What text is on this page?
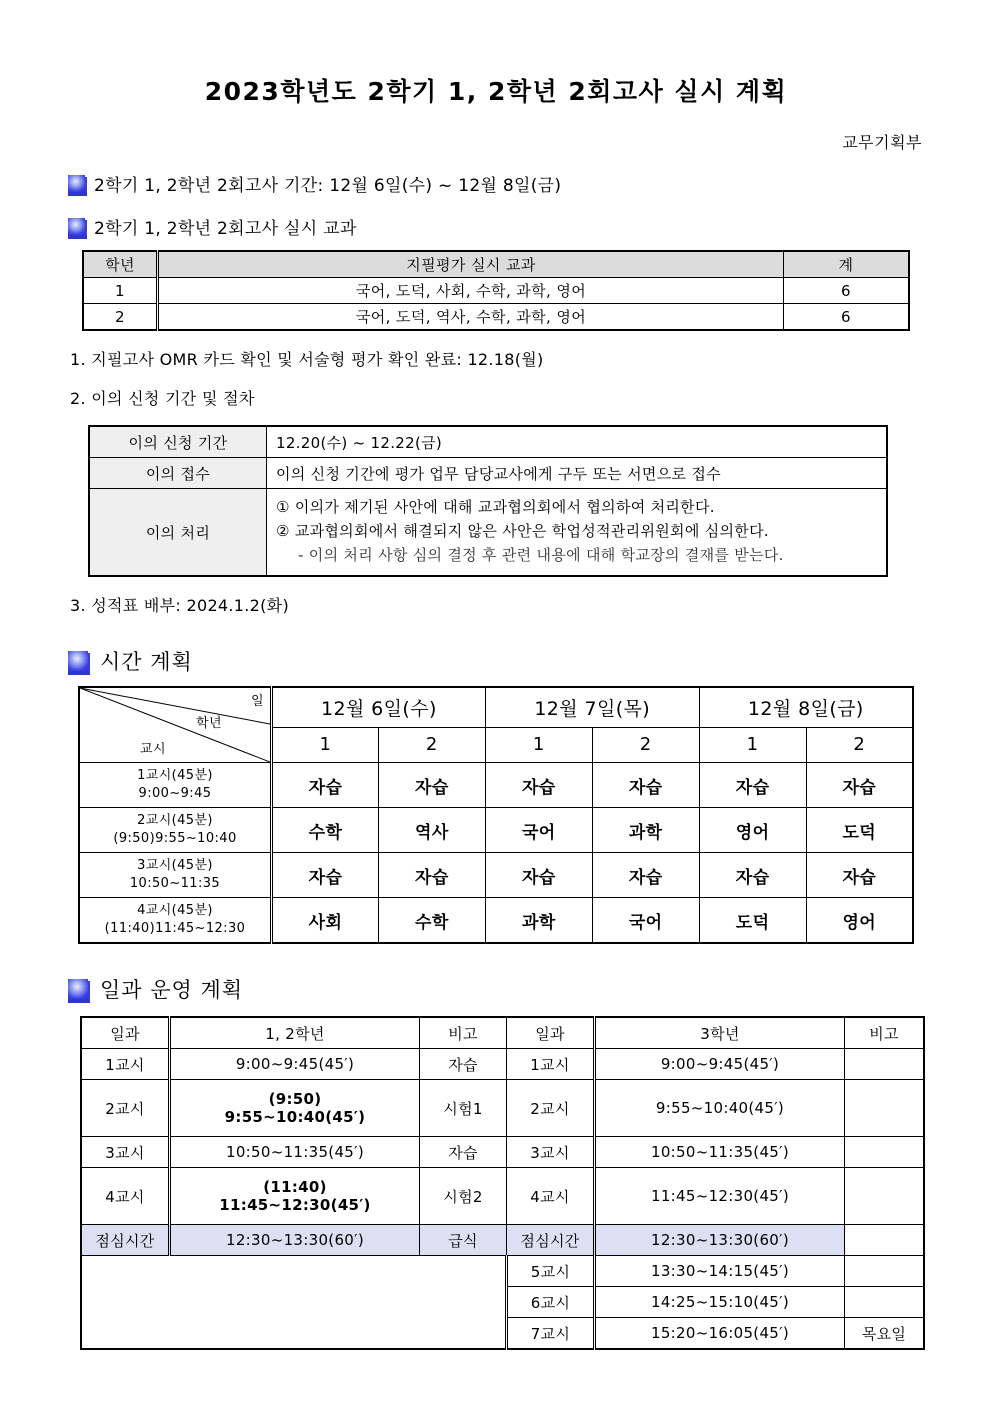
2023학년도 2학기 1, 2학년 2회고사 실시 계획
교무기획부
2학기 1, 2학년 2회고사 기간: 12월 6일(수) ~ 12월 8일(금)
2학기 1, 2학년 2회고사 실시 교과
학년	지필평가 실시 교과	계
1	국어, 도덕, 사회, 수학, 과학, 영어	6
2	국어, 도덕, 역사, 수학, 과학, 영어	6
1. 지필고사 OMR 카드 확인 및 서술형 평가 확인 완료: 12.18(월)
2. 이의 신청 기간 및 절차
이의 신청 기간	12.20(수) ~ 12.22(금)
이의 접수	이의 신청 기간에 평가 업무 담당교사에게 구두 또는 서면으로 접수
이의 처리	① 이의가 제기된 사안에 대해 교과협의회에서 협의하여 처리한다.
② 교과협의회에서 해결되지 않은 사안은 학업성적관리위원회에 심의한다.
- 이의 처리 사항 심의 결정 후 관련 내용에 대해 학교장의 결재를 받는다.
3. 성적표 배부: 2024.1.2(화)
시간 계획
일
학년
교시	12월 6일(수)		12월 7일(목)		12월 8일(금)	
	1	2	1	2	1	2

1교시(45분)
9:00~9:45	자습	자습	자습	자습	자습	자습

2교시(45분)
(9:50)9:55~10:40	수학	역사	국어	과학	영어	도덕

3교시(45분)
10:50~11:35	자습	자습	자습	자습	자습	자습

4교시(45분)
(11:40)11:45~12:30	사회	수학	과학	국어	도덕	영어
일과 운영 계획
일과	1, 2학년	비고	일과	3학년	비고
1교시	9:00~9:45(45′)	자습	1교시	9:00~9:45(45′)	
2교시	(9:50)
9:55~10:40(45′)	시험1	2교시	9:55~10:40(45′)	
3교시	10:50~11:35(45′)	자습	3교시	10:50~11:35(45′)	
4교시	(11:40)
11:45~12:30(45′)	시험2	4교시	11:45~12:30(45′)	
점심시간	12:30~13:30(60′)	급식	점심시간	12:30~13:30(60′)	
			5교시	13:30~14:15(45′)	
			6교시	14:25~15:10(45′)	
			7교시	15:20~16:05(45′)	목요일
